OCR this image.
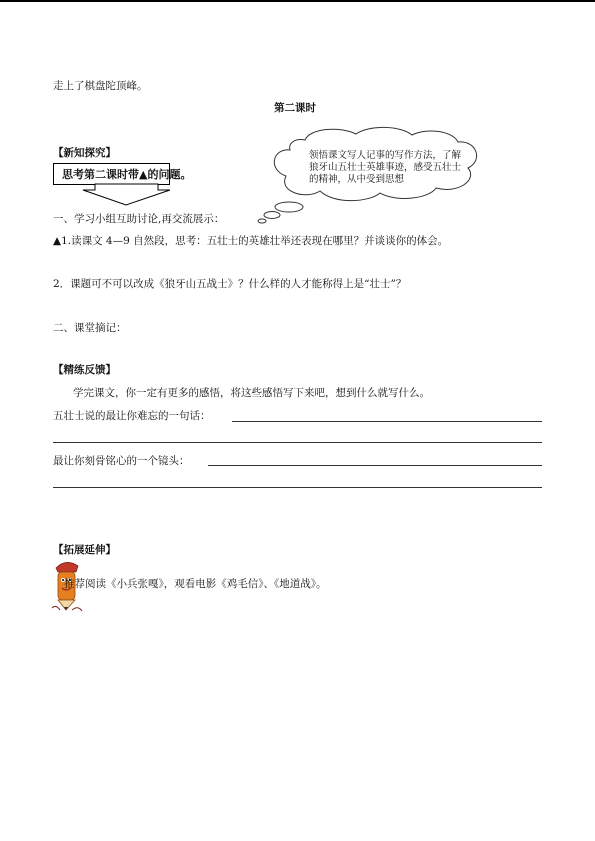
走上了棋盘陀顶峰。
第二课时
【新知探究】
思考第二课时带▲的问题。
领悟课文写人记事的写作方法，了解狼牙山五壮士英雄事迹，感受五壮士的精神，从中受到思想
一、学习小组互助讨论,再交流展示：
▲1.读课文 4—9 自然段，思考：五壮士的英雄壮举还表现在哪里？并谈谈你的体会。
2．课题可不可以改成《狼牙山五战士》？什么样的人才能称得上是“壮士”？
二、课堂摘记：
【精练反馈】
学完课文，你一定有更多的感悟，将这些感悟写下来吧，想到什么就写什么。
五壮士说的最让你难忘的一句话：
最让你刻骨铭心的一个镜头：
【拓展延伸】
推荐阅读《小兵张嘎》，观看电影《鸡毛信》、《地道战》。
